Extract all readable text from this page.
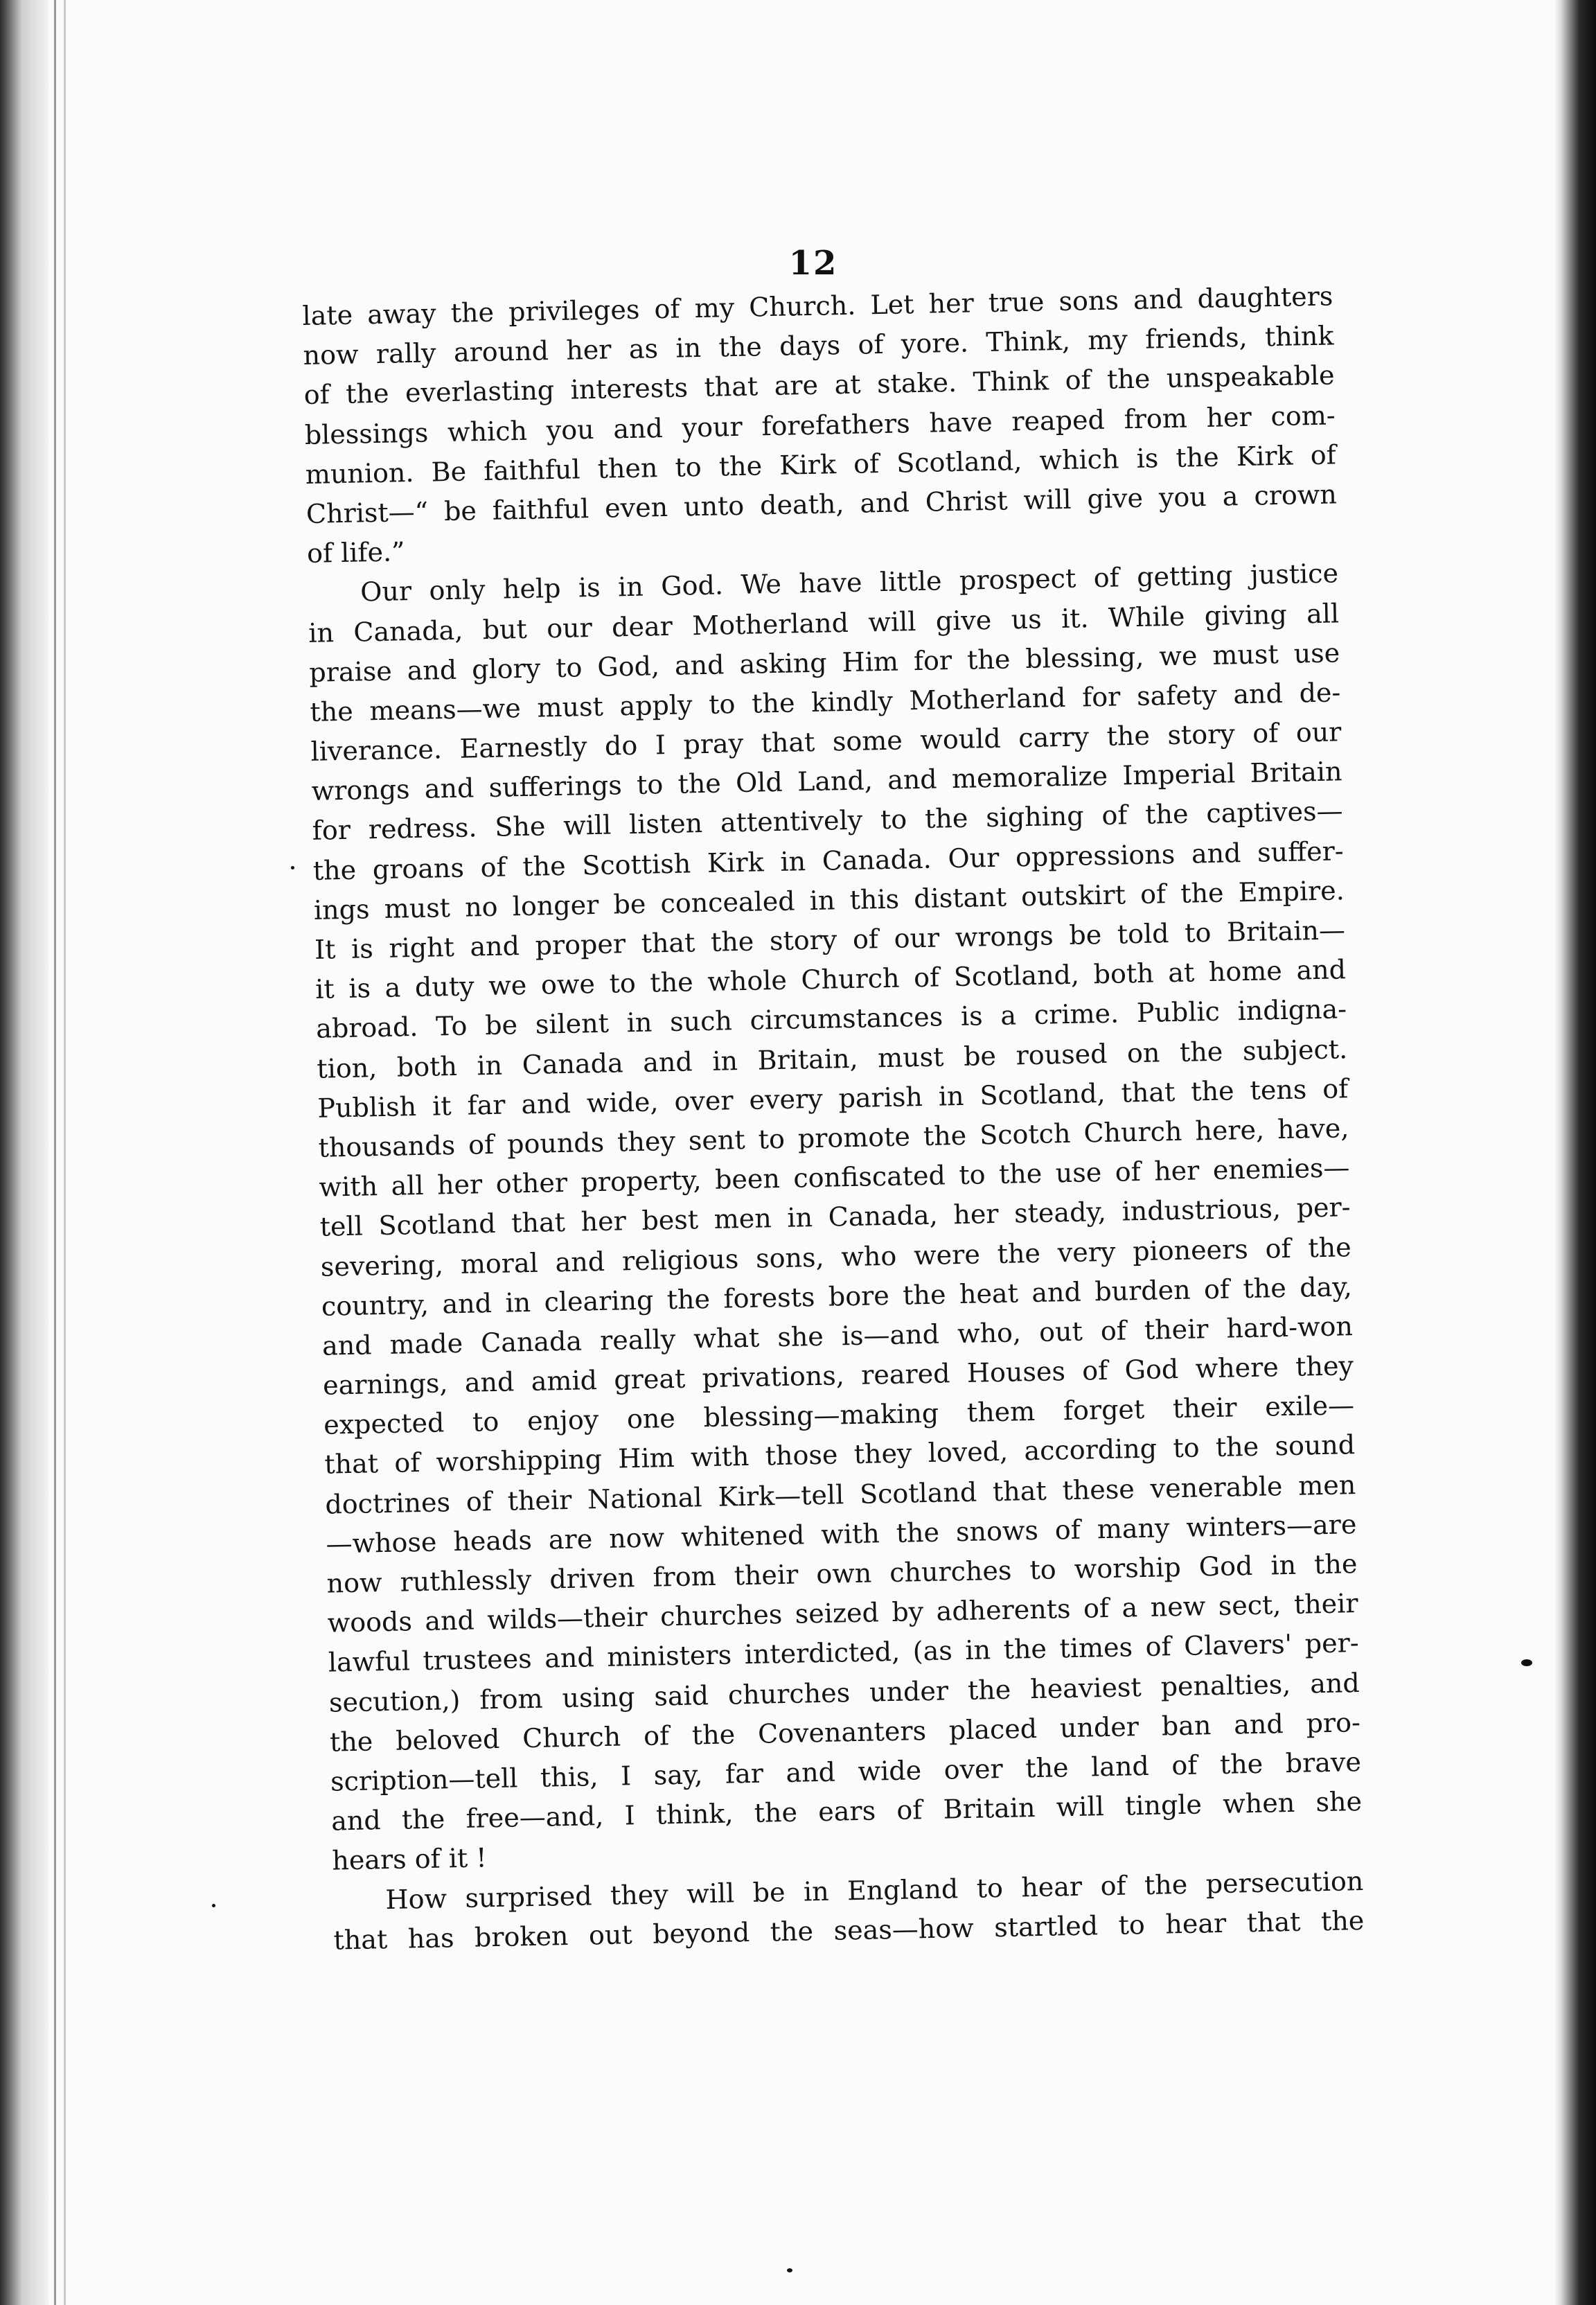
12
late away the privileges of my Church. Let her true sons and daughters
now rally around her as in the days of yore. Think, my friends, think
of the everlasting interests that are at stake. Think of the unspeakable
blessings which you and your forefathers have reaped from her com-
munion. Be faithful then to the Kirk of Scotland, which is the Kirk of
Christ—“ be faithful even unto death, and Christ will give you a crown
of life.”
Our only help is in God. We have little prospect of getting justice
in Canada, but our dear Motherland will give us it. While giving all
praise and glory to God, and asking Him for the blessing, we must use
the means—we must apply to the kindly Motherland for safety and de-
liverance. Earnestly do I pray that some would carry the story of our
wrongs and sufferings to the Old Land, and memoralize Imperial Britain
for redress. She will listen attentively to the sighing of the captives—
the groans of the Scottish Kirk in Canada. Our oppressions and suffer-
ings must no longer be concealed in this distant outskirt of the Empire.
It is right and proper that the story of our wrongs be told to Britain—
it is a duty we owe to the whole Church of Scotland, both at home and
abroad. To be silent in such circumstances is a crime. Public indigna-
tion, both in Canada and in Britain, must be roused on the subject.
Publish it far and wide, over every parish in Scotland, that the tens of
thousands of pounds they sent to promote the Scotch Church here, have,
with all her other property, been confiscated to the use of her enemies—
tell Scotland that her best men in Canada, her steady, industrious, per-
severing, moral and religious sons, who were the very pioneers of the
country, and in clearing the forests bore the heat and burden of the day,
and made Canada really what she is—and who, out of their hard-won
earnings, and amid great privations, reared Houses of God where they
expected to enjoy one blessing—making them forget their exile—
that of worshipping Him with those they loved, according to the sound
doctrines of their National Kirk—tell Scotland that these venerable men
—whose heads are now whitened with the snows of many winters—are
now ruthlessly driven from their own churches to worship God in the
woods and wilds—their churches seized by adherents of a new sect, their
lawful trustees and ministers interdicted, (as in the times of Clavers' per-
secution,) from using said churches under the heaviest penalties, and
the beloved Church of the Covenanters placed under ban and pro-
scription—tell this, I say, far and wide over the land of the brave
and the free—and, I think, the ears of Britain will tingle when she
hears of it !
How surprised they will be in England to hear of the persecution
that has broken out beyond the seas—how startled to hear that the
